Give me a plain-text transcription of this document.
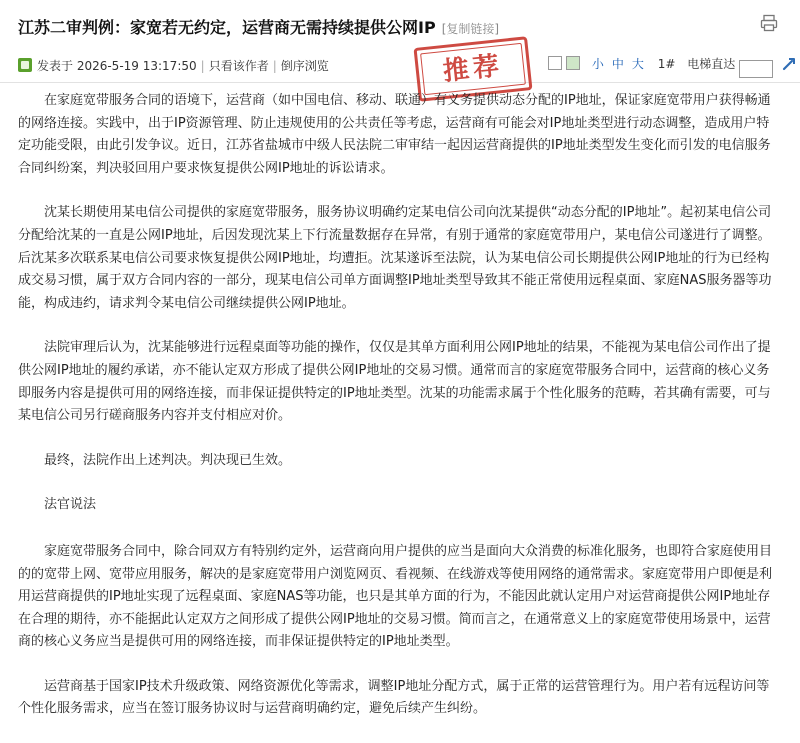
江苏二审判例：家宽若无约定，运营商无需持续提供公网IP [复制链接]
发表于 2026-5-19 13:17:50 | 只看该作者 | 倒序浏览	小 中 大 1# 电梯直达
推荐

在家庭宽带服务合同的语境下，运营商（如中国电信、移动、联通）有义务提供动态分配的IP地址，保证家庭宽带用户获得畅通的网络连接。实践中，出于IP资源管理、防止违规使用的公共责任等考虑，运营商有可能会对IP地址类型进行动态调整，造成用户特定功能受限，由此引发争议。近日，江苏省盐城市中级人民法院二审审结一起因运营商提供的IP地址类型发生变化而引发的电信服务合同纠纷案，判决驳回用户要求恢复提供公网IP地址的诉讼请求。

沈某长期使用某电信公司提供的家庭宽带服务，服务协议明确约定某电信公司向沈某提供“动态分配的IP地址”。起初某电信公司分配给沈某的一直是公网IP地址，后因发现沈某上下行流量数据存在异常，有别于通常的家庭宽带用户，某电信公司遂进行了调整。后沈某多次联系某电信公司要求恢复提供公网IP地址，均遭拒。沈某遂诉至法院，认为某电信公司长期提供公网IP地址的行为已经构成交易习惯，属于双方合同内容的一部分，现某电信公司单方面调整IP地址类型导致其不能正常使用远程桌面、家庭NAS服务器等功能，构成违约，请求判令某电信公司继续提供公网IP地址。

法院审理后认为，沈某能够进行远程桌面等功能的操作，仅仅是其单方面利用公网IP地址的结果，不能视为某电信公司作出了提供公网IP地址的履约承诺，亦不能认定双方形成了提供公网IP地址的交易习惯。通常而言的家庭宽带服务合同中，运营商的核心义务即服务内容是提供可用的网络连接，而非保证提供特定的IP地址类型。沈某的功能需求属于个性化服务的范畴，若其确有需要，可与某电信公司另行磋商服务内容并支付相应对价。

最终，法院作出上述判决。判决现已生效。

法官说法

家庭宽带服务合同中，除合同双方有特别约定外，运营商向用户提供的应当是面向大众消费的标准化服务，也即符合家庭使用目的的宽带上网、宽带应用服务，解决的是家庭宽带用户浏览网页、看视频、在线游戏等使用网络的通常需求。家庭宽带用户即便是利用运营商提供的IP地址实现了远程桌面、家庭NAS等功能，也只是其单方面的行为，不能因此就认定用户对运营商提供公网IP地址存在合理的期待，亦不能据此认定双方之间形成了提供公网IP地址的交易习惯。简而言之，在通常意义上的家庭宽带使用场景中，运营商的核心义务应当是提供可用的网络连接，而非保证提供特定的IP地址类型。

运营商基于国家IP技术升级政策、网络资源优化等需求，调整IP地址分配方式，属于正常的运营管理行为。用户若有远程访问等个性化服务需求，应当在签订服务协议时与运营商明确约定，避免后续产生纠纷。
